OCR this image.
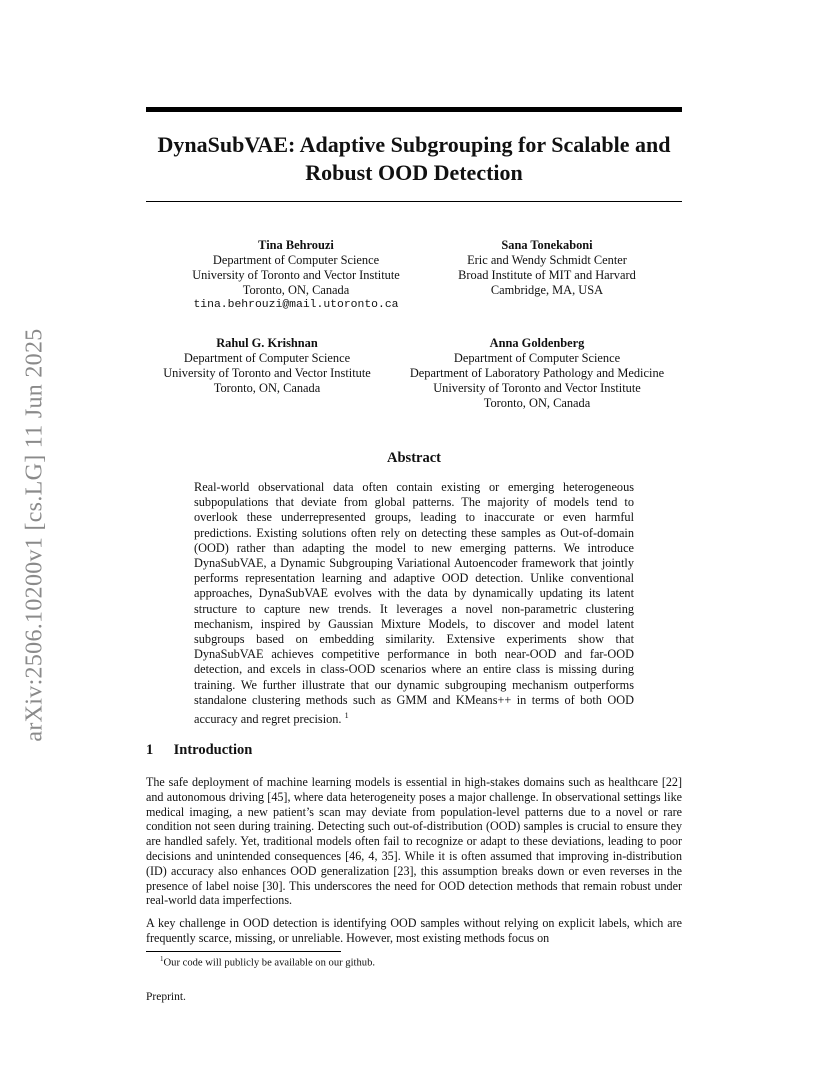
arXiv:2506.10200v1 [cs.LG] 11 Jun 2025
DynaSubVAE: Adaptive Subgrouping for Scalable and
Robust OOD Detection
Tina Behrouzi
Department of Computer Science
University of Toronto and Vector Institute
Toronto, ON, Canada
tina.behrouzi@mail.utoronto.ca
Sana Tonekaboni
Eric and Wendy Schmidt Center
Broad Institute of MIT and Harvard
Cambridge, MA, USA
Rahul G. Krishnan
Department of Computer Science
University of Toronto and Vector Institute
Toronto, ON, Canada
Anna Goldenberg
Department of Computer Science
Department of Laboratory Pathology and Medicine
University of Toronto and Vector Institute
Toronto, ON, Canada
Abstract
Real-world observational data often contain existing or emerging heterogeneous subpopulations that deviate from global patterns. The majority of models tend to overlook these underrepresented groups, leading to inaccurate or even harmful predictions. Existing solutions often rely on detecting these samples as Out-of-domain (OOD) rather than adapting the model to new emerging patterns. We introduce DynaSubVAE, a Dynamic Subgrouping Variational Autoencoder framework that jointly performs representation learning and adaptive OOD detection. Unlike conventional approaches, DynaSubVAE evolves with the data by dynamically updating its latent structure to capture new trends. It leverages a novel non-parametric clustering mechanism, inspired by Gaussian Mixture Models, to discover and model latent subgroups based on embedding similarity. Extensive experiments show that DynaSubVAE achieves competitive performance in both near-OOD and far-OOD detection, and excels in class-OOD scenarios where an entire class is missing during training. We further illustrate that our dynamic subgrouping mechanism outperforms standalone clustering methods such as GMM and KMeans++ in terms of both OOD accuracy and regret precision. $^1$
1 Introduction
The safe deployment of machine learning models is essential in high-stakes domains such as healthcare [22] and autonomous driving [45], where data heterogeneity poses a major challenge. In observational settings like medical imaging, a new patient’s scan may deviate from population-level patterns due to a novel or rare condition not seen during training. Detecting such out-of-distribution (OOD) samples is crucial to ensure they are handled safely. Yet, traditional models often fail to recognize or adapt to these deviations, leading to poor decisions and unintended consequences [46, 4, 35]. While it is often assumed that improving in-distribution (ID) accuracy also enhances OOD generalization [23], this assumption breaks down or even reverses in the presence of label noise [30]. This underscores the need for OOD detection methods that remain robust under real-world data imperfections.
A key challenge in OOD detection is identifying OOD samples without relying on explicit labels, which are frequently scarce, missing, or unreliable. However, most existing methods focus on
$^1$Our code will publicly be available on our github.
Preprint.
